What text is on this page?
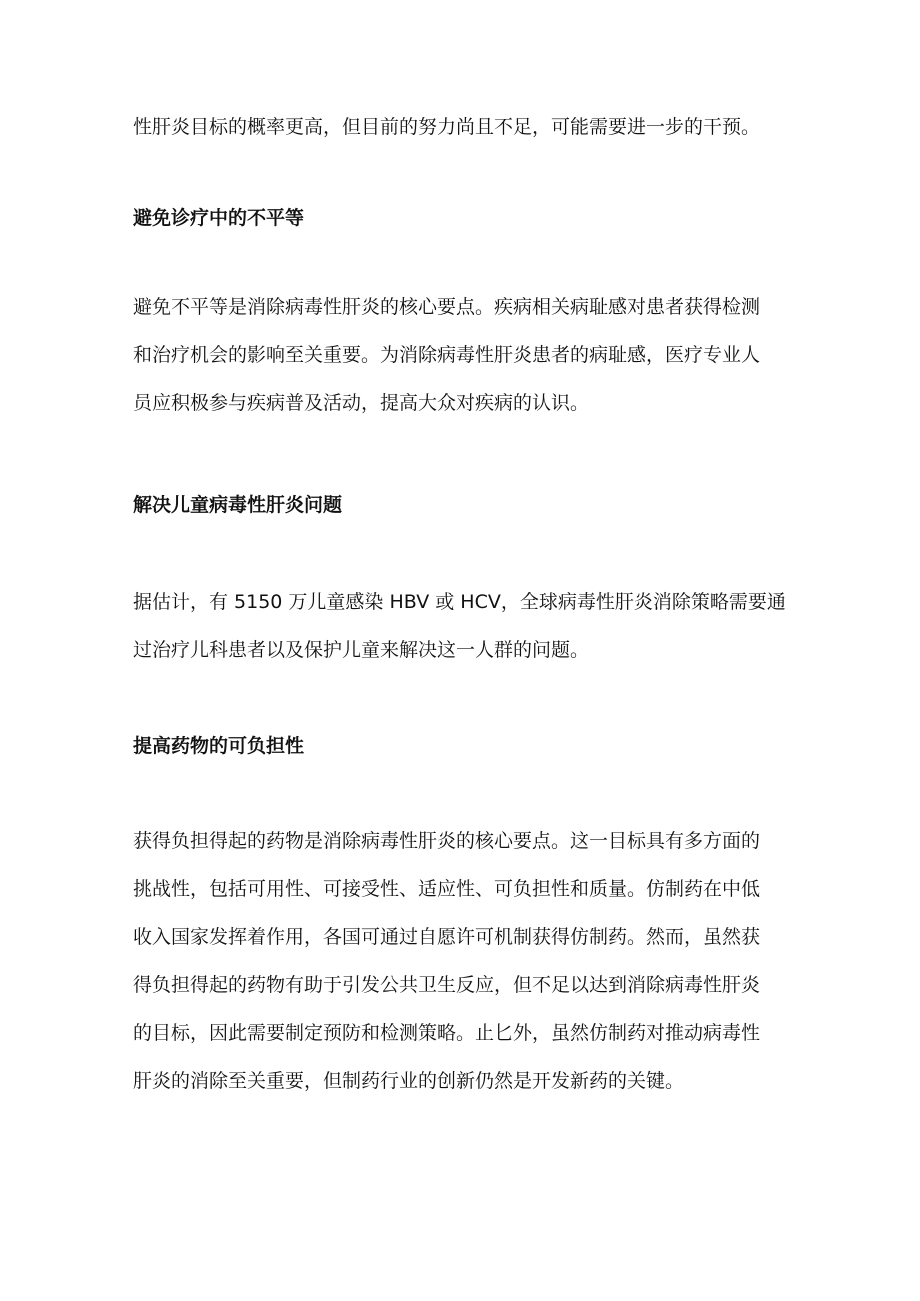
性肝炎目标的概率更高，但目前的努力尚且不足，可能需要进一步的干预。
避免诊疗中的不平等
避免不平等是消除病毒性肝炎的核心要点。疾病相关病耻感对患者获得检测
和治疗机会的影响至关重要。为消除病毒性肝炎患者的病耻感，医疗专业人
员应积极参与疾病普及活动，提高大众对疾病的认识。
解决儿童病毒性肝炎问题
据估计，有 5150 万儿童感染 HBV 或 HCV，全球病毒性肝炎消除策略需要通
过治疗儿科患者以及保护儿童来解决这一人群的问题。
提高药物的可负担性
获得负担得起的药物是消除病毒性肝炎的核心要点。这一目标具有多方面的
挑战性，包括可用性、可接受性、适应性、可负担性和质量。仿制药在中低
收入国家发挥着作用，各国可通过自愿许可机制获得仿制药。然而，虽然获
得负担得起的药物有助于引发公共卫生反应，但不足以达到消除病毒性肝炎
的目标，因此需要制定预防和检测策略。止匕外，虽然仿制药对推动病毒性
肝炎的消除至关重要，但制药行业的创新仍然是开发新药的关键。
